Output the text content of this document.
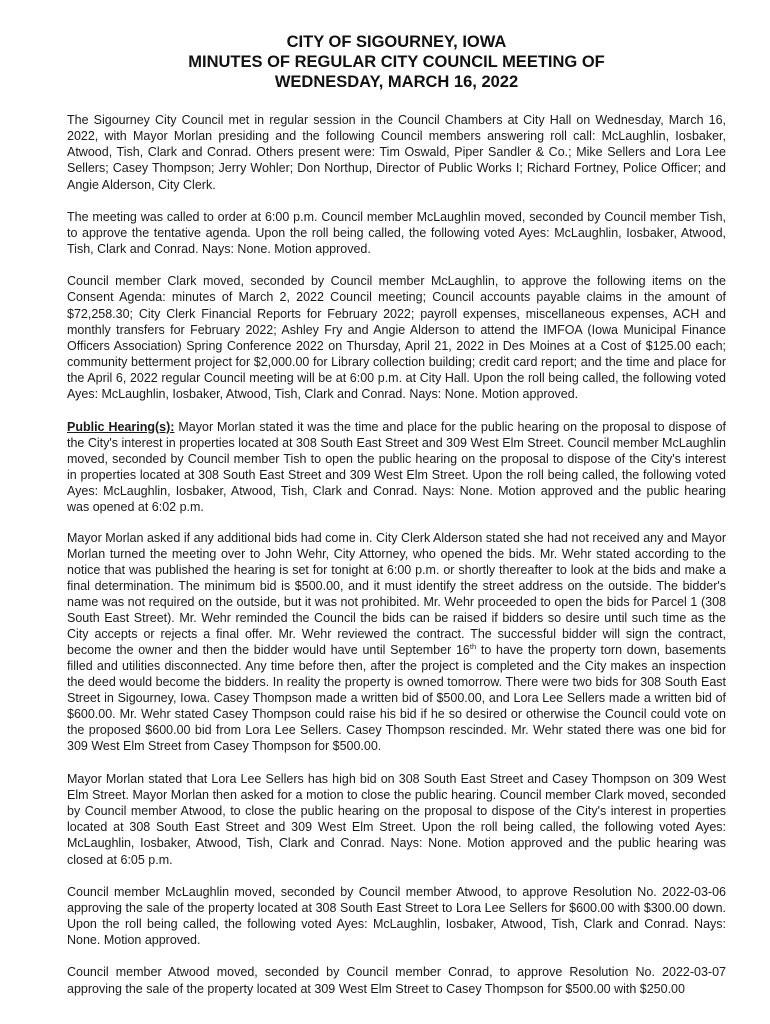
CITY OF SIGOURNEY, IOWA
MINUTES OF REGULAR CITY COUNCIL MEETING OF
WEDNESDAY, MARCH 16, 2022

The Sigourney City Council met in regular session in the Council Chambers at City Hall on Wednesday, March 16, 2022, with Mayor Morlan presiding and the following Council members answering roll call: McLaughlin, Iosbaker, Atwood, Tish, Clark and Conrad. Others present were: Tim Oswald, Piper Sandler & Co.; Mike Sellers and Lora Lee Sellers; Casey Thompson; Jerry Wohler; Don Northup, Director of Public Works I; Richard Fortney, Police Officer; and Angie Alderson, City Clerk.

The meeting was called to order at 6:00 p.m. Council member McLaughlin moved, seconded by Council member Tish, to approve the tentative agenda. Upon the roll being called, the following voted Ayes: McLaughlin, Iosbaker, Atwood, Tish, Clark and Conrad. Nays: None. Motion approved.

Council member Clark moved, seconded by Council member McLaughlin, to approve the following items on the Consent Agenda: minutes of March 2, 2022 Council meeting; Council accounts payable claims in the amount of $72,258.30; City Clerk Financial Reports for February 2022; payroll expenses, miscellaneous expenses, ACH and monthly transfers for February 2022; Ashley Fry and Angie Alderson to attend the IMFOA (Iowa Municipal Finance Officers Association) Spring Conference 2022 on Thursday, April 21, 2022 in Des Moines at a Cost of $125.00 each; community betterment project for $2,000.00 for Library collection building; credit card report; and the time and place for the April 6, 2022 regular Council meeting will be at 6:00 p.m. at City Hall. Upon the roll being called, the following voted Ayes: McLaughlin, Iosbaker, Atwood, Tish, Clark and Conrad. Nays: None. Motion approved.

Public Hearing(s): Mayor Morlan stated it was the time and place for the public hearing on the proposal to dispose of the City's interest in properties located at 308 South East Street and 309 West Elm Street. Council member McLaughlin moved, seconded by Council member Tish to open the public hearing on the proposal to dispose of the City's interest in properties located at 308 South East Street and 309 West Elm Street. Upon the roll being called, the following voted Ayes: McLaughlin, Iosbaker, Atwood, Tish, Clark and Conrad. Nays: None. Motion approved and the public hearing was opened at 6:02 p.m.

Mayor Morlan asked if any additional bids had come in. City Clerk Alderson stated she had not received any and Mayor Morlan turned the meeting over to John Wehr, City Attorney, who opened the bids. Mr. Wehr stated according to the notice that was published the hearing is set for tonight at 6:00 p.m. or shortly thereafter to look at the bids and make a final determination. The minimum bid is $500.00, and it must identify the street address on the outside. The bidder's name was not required on the outside, but it was not prohibited. Mr. Wehr proceeded to open the bids for Parcel 1 (308 South East Street). Mr. Wehr reminded the Council the bids can be raised if bidders so desire until such time as the City accepts or rejects a final offer. Mr. Wehr reviewed the contract. The successful bidder will sign the contract, become the owner and then the bidder would have until September 16th to have the property torn down, basements filled and utilities disconnected. Any time before then, after the project is completed and the City makes an inspection the deed would become the bidders. In reality the property is owned tomorrow. There were two bids for 308 South East Street in Sigourney, Iowa. Casey Thompson made a written bid of $500.00, and Lora Lee Sellers made a written bid of $600.00. Mr. Wehr stated Casey Thompson could raise his bid if he so desired or otherwise the Council could vote on the proposed $600.00 bid from Lora Lee Sellers. Casey Thompson rescinded. Mr. Wehr stated there was one bid for 309 West Elm Street from Casey Thompson for $500.00.

Mayor Morlan stated that Lora Lee Sellers has high bid on 308 South East Street and Casey Thompson on 309 West Elm Street. Mayor Morlan then asked for a motion to close the public hearing. Council member Clark moved, seconded by Council member Atwood, to close the public hearing on the proposal to dispose of the City's interest in properties located at 308 South East Street and 309 West Elm Street. Upon the roll being called, the following voted Ayes: McLaughlin, Iosbaker, Atwood, Tish, Clark and Conrad. Nays: None. Motion approved and the public hearing was closed at 6:05 p.m.

Council member McLaughlin moved, seconded by Council member Atwood, to approve Resolution No. 2022-03-06 approving the sale of the property located at 308 South East Street to Lora Lee Sellers for $600.00 with $300.00 down. Upon the roll being called, the following voted Ayes: McLaughlin, Iosbaker, Atwood, Tish, Clark and Conrad. Nays: None. Motion approved.

Council member Atwood moved, seconded by Council member Conrad, to approve Resolution No. 2022-03-07 approving the sale of the property located at 309 West Elm Street to Casey Thompson for $500.00 with $250.00
